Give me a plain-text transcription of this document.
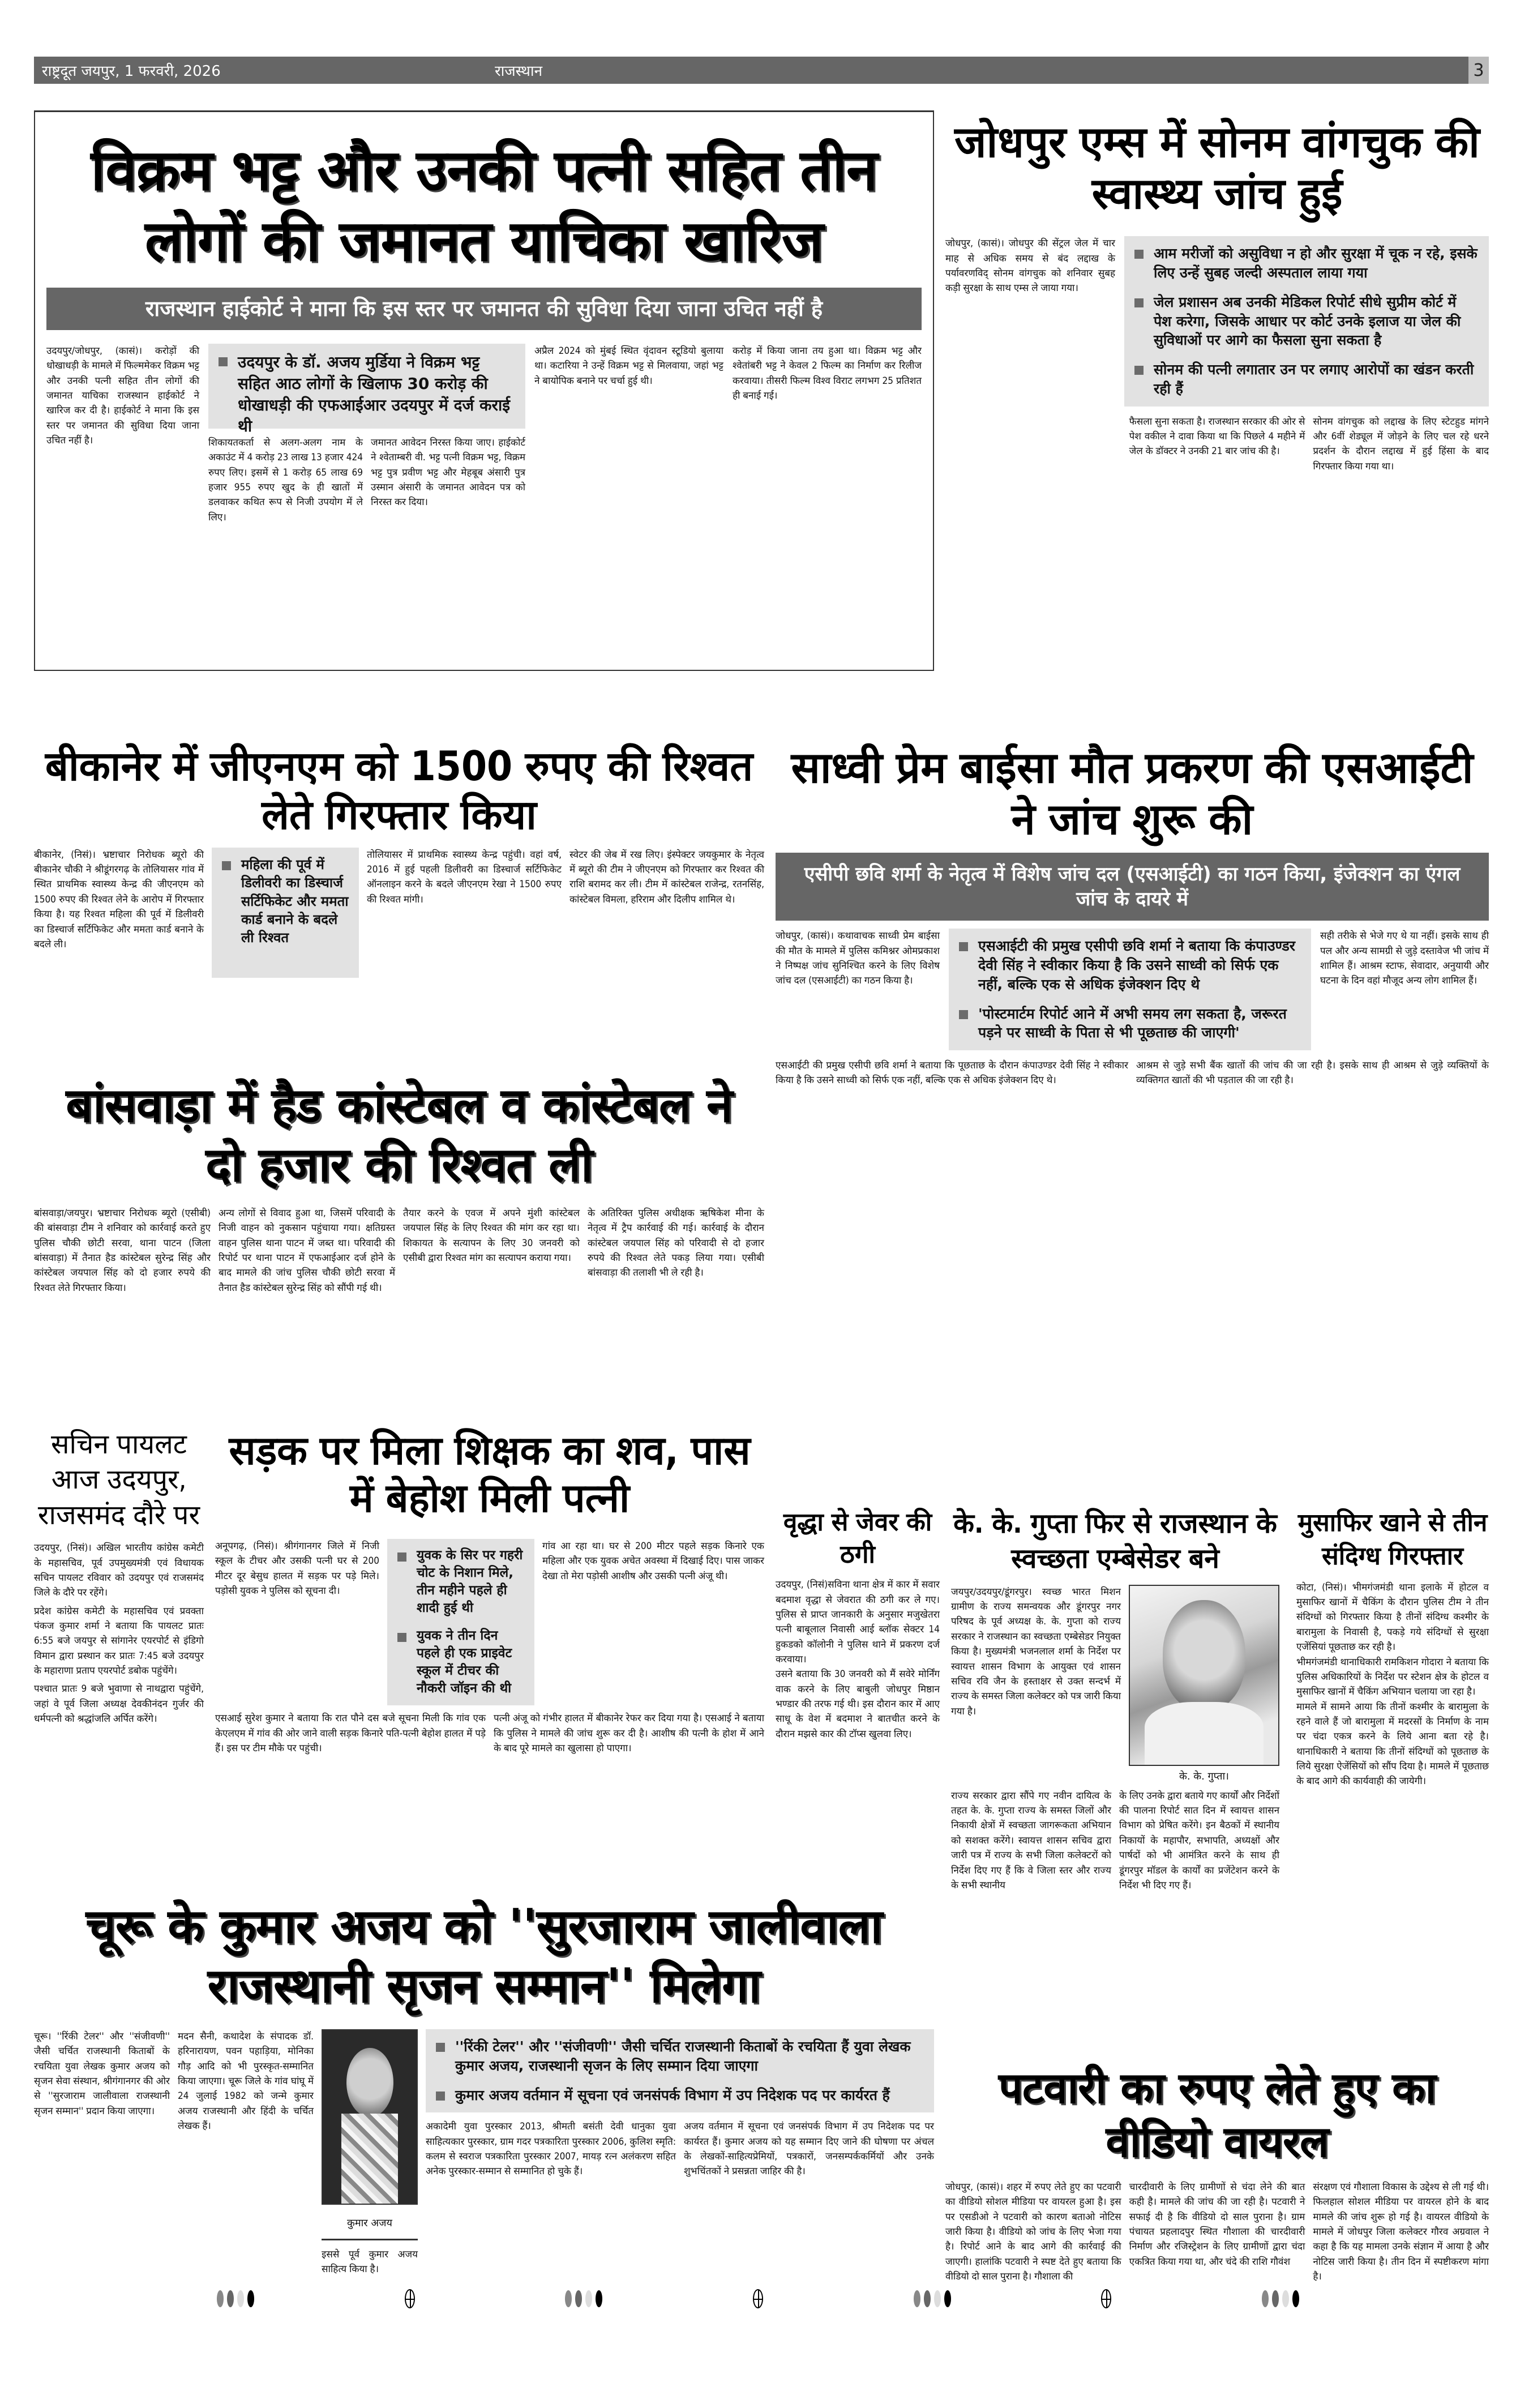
राष्ट्रदूत जयपुर, 1 फरवरी, 2026	राजस्थान	3
विक्रम भट्ट और उनकी पत्नी सहित तीन लोगों की जमानत याचिका खारिज
राजस्थान हाईकोर्ट ने माना कि इस स्तर पर जमानत की सुविधा दिया जाना उचित नहीं है
उदयपुर/जोधपुर, (कासं)। करोड़ों की धोखाधड़ी के मामले में फिल्ममेकर विक्रम भट्ट और उनकी पत्नी सहित तीन लोगों की जमानत याचिका राजस्थान हाईकोर्ट ने खारिज कर दी है। हाईकोर्ट ने माना कि इस स्तर पर जमानत की सुविधा दिया जाना उचित नहीं है।
उदयपुर के डॉ. अजय मुर्डिया ने विक्रम भट्ट सहित आठ लोगों के खिलाफ 30 करोड़ की धोखाधड़ी की एफआईआर उदयपुर में दर्ज कराई थी
शिकायतकर्ता से अलग-अलग नाम के अकाउंट में 4 करोड़ 23 लाख 13 हजार 424 रुपए लिए। इसमें से 1 करोड़ 65 लाख 69 हजार 955 रुपए खुद के ही खातों में डलवाकर कथित रूप से निजी उपयोग में ले लिए।
जमानत आवेदन निरस्त किया जाए। हाईकोर्ट ने श्वेताम्बरी वी. भट्ट पत्नी विक्रम भट्ट, विक्रम भट्ट पुत्र प्रवीण भट्ट और मेहबूब अंसारी पुत्र उस्मान अंसारी के जमानत आवेदन पत्र को निरस्त कर दिया।
अप्रैल 2024 को मुंबई स्थित वृंदावन स्टूडियो बुलाया था। कटारिया ने उन्हें विक्रम भट्ट से मिलवाया, जहां भट्ट ने बायोपिक बनाने पर चर्चा हुई थी।
करोड़ में किया जाना तय हुआ था। विक्रम भट्ट और श्वेतांबरी भट्ट ने केवल 2 फिल्म का निर्माण कर रिलीज करवाया। तीसरी फिल्म विश्व विराट लगभग 25 प्रतिशत ही बनाई गई।
जोधपुर एम्स में सोनम वांगचुक की स्वास्थ्य जांच हुई
जोधपुर, (कासं)। जोधपुर की सेंट्रल जेल में चार माह से अधिक समय से बंद लद्दाख के पर्यावरणविद् सोनम वांगचुक को शनिवार सुबह कड़ी सुरक्षा के साथ एम्स ले जाया गया।
आम मरीजों को असुविधा न हो और सुरक्षा में चूक न रहे, इसके लिए उन्हें सुबह जल्दी अस्पताल लाया गया
जेल प्रशासन अब उनकी मेडिकल रिपोर्ट सीधे सुप्रीम कोर्ट में पेश करेगा, जिसके आधार पर कोर्ट उनके इलाज या जेल की सुविधाओं पर आगे का फैसला सुना सकता है
सोनम की पत्नी लगातार उन पर लगाए आरोपों का खंडन करती रही हैं
फैसला सुना सकता है। राजस्थान सरकार की ओर से पेश वकील ने दावा किया था कि पिछले 4 महीने में जेल के डॉक्टर ने उनकी 21 बार जांच की है।
सोनम वांगचुक को लद्दाख के लिए स्टेटहुड मांगने और 6वीं शेड्यूल में जोड़ने के लिए चल रहे धरने प्रदर्शन के दौरान लद्दाख में हुई हिंसा के बाद गिरफ्तार किया गया था।
बीकानेर में जीएनएम को 1500 रुपए की रिश्वत लेते गिरफ्तार किया
बीकानेर, (निसं)। भ्रष्टाचार निरोधक ब्यूरो की बीकानेर चौकी ने श्रीडूंगरगढ़ के तोलियासर गांव में स्थित प्राथमिक स्वास्थ्य केन्द्र की जीएनएम को 1500 रुपए की रिश्वत लेने के आरोप में गिरफ्तार किया है। यह रिश्वत महिला की पूर्व में डिलीवरी का डिस्चार्ज सर्टिफिकेट और ममता कार्ड बनाने के बदले ली।
महिला की पूर्व में डिलीवरी का डिस्चार्ज सर्टिफिकेट और ममता कार्ड बनाने के बदले ली रिश्वत
तोलियासर में प्राथमिक स्वास्थ्य केन्द्र पहुंची। वहां वर्ष, 2016 में हुई पहली डिलीवरी का डिस्चार्ज सर्टिफिकेट ऑनलाइन करने के बदले जीएनएम रेखा ने 1500 रुपए की रिश्वत मांगी।
स्वेटर की जेब में रख लिए। इंस्पेक्टर जयकुमार के नेतृत्व में ब्यूरो की टीम ने जीएनएम को गिरफ्तार कर रिश्वत की राशि बरामद कर ली। टीम में कांस्टेबल राजेन्द्र, रतनसिंह, कांस्टेबल विमला, हरिराम और दिलीप शामिल थे।
साध्वी प्रेम बाईसा मौत प्रकरण की एसआईटी ने जांच शुरू की
एसीपी छवि शर्मा के नेतृत्व में विशेष जांच दल (एसआईटी) का गठन किया, इंजेक्शन का एंगल जांच के दायरे में
जोधपुर, (कासं)। कथावाचक साध्वी प्रेम बाईसा की मौत के मामले में पुलिस कमिश्नर ओमप्रकाश ने निष्पक्ष जांच सुनिश्चित करने के लिए विशेष जांच दल (एसआईटी) का गठन किया है।
एसआईटी की प्रमुख एसीपी छवि शर्मा ने बताया कि कंपाउण्डर देवी सिंह ने स्वीकार किया है कि उसने साध्वी को सिर्फ एक नहीं, बल्कि एक से अधिक इंजेक्शन दिए थे
'पोस्टमार्टम रिपोर्ट आने में अभी समय लग सकता है, जरूरत पड़ने पर साध्वी के पिता से भी पूछताछ की जाएगी'
सही तरीके से भेजे गए थे या नहीं। इसके साथ ही पल और अन्य सामग्री से जुड़े दस्तावेज भी जांच में शामिल हैं। आश्रम स्टाफ, सेवादार, अनुयायी और घटना के दिन वहां मौजूद अन्य लोग शामिल हैं।
एसआईटी की प्रमुख एसीपी छवि शर्मा ने बताया कि पूछताछ के दौरान कंपाउण्डर देवी सिंह ने स्वीकार किया है कि उसने साध्वी को सिर्फ एक नहीं, बल्कि एक से अधिक इंजेक्शन दिए थे।
आश्रम से जुड़े सभी बैंक खातों की जांच की जा रही है। इसके साथ ही आश्रम से जुड़े व्यक्तियों के व्यक्तिगत खातों की भी पड़ताल की जा रही है।
बांसवाड़ा में हैड कांस्टेबल व कांस्टेबल ने दो हजार की रिश्वत ली
बांसवाड़ा/जयपुर। भ्रष्टाचार निरोधक ब्यूरो (एसीबी) की बांसवाड़ा टीम ने शनिवार को कार्रवाई करते हुए पुलिस चौकी छोटी सरवा, थाना पाटन (जिला बांसवाड़ा) में तैनात हैड कांस्टेबल सुरेन्द्र सिंह और कांस्टेबल जयपाल सिंह को दो हजार रुपये की रिश्वत लेते गिरफ्तार किया।
अन्य लोगों से विवाद हुआ था, जिसमें परिवादी के निजी वाहन को नुकसान पहुंचाया गया। क्षतिग्रस्त वाहन पुलिस थाना पाटन में जब्त था। परिवादी की रिपोर्ट पर थाना पाटन में एफआईआर दर्ज होने के बाद मामले की जांच पुलिस चौकी छोटी सरवा में तैनात हैड कांस्टेबल सुरेन्द्र सिंह को सौंपी गई थी।
तैयार करने के एवज में अपने मुंशी कांस्टेबल जयपाल सिंह के लिए रिश्वत की मांग कर रहा था। शिकायत के सत्यापन के लिए 30 जनवरी को एसीबी द्वारा रिश्वत मांग का सत्यापन कराया गया।
के अतिरिक्त पुलिस अधीक्षक ऋषिकेश मीना के नेतृत्व में ट्रैप कार्रवाई की गई। कार्रवाई के दौरान कांस्टेबल जयपाल सिंह को परिवादी से दो हजार रुपये की रिश्वत लेते पकड़ लिया गया। एसीबी बांसवाड़ा की तलाशी भी ले रही है।
सचिन पायलट आज उदयपुर, राजसमंद दौरे पर
उदयपुर, (निसं)। अखिल भारतीय कांग्रेस कमेटी के महासचिव, पूर्व उपमुख्यमंत्री एवं विधायक सचिन पायलट रविवार को उदयपुर एवं राजसमंद जिले के दौरे पर रहेंगे।
प्रदेश कांग्रेस कमेटी के महासचिव एवं प्रवक्ता पंकज कुमार शर्मा ने बताया कि पायलट प्रातः 6:55 बजे जयपुर से सांगानेर एयरपोर्ट से इंडिगो विमान द्वारा प्रस्थान कर प्रातः 7:45 बजे उदयपुर के महाराणा प्रताप एयरपोर्ट डबोक पहुंचेंगे।
पश्चात प्रातः 9 बजे भुवाणा से नाथद्वारा पहुंचेंगे, जहां वे पूर्व जिला अध्यक्ष देवकीनंदन गुर्जर की धर्मपत्नी को श्रद्धांजलि अर्पित करेंगे।
सड़क पर मिला शिक्षक का शव, पास में बेहोश मिली पत्नी
अनूपगढ़, (निसं)। श्रीगंगानगर जिले में निजी स्कूल के टीचर और उसकी पत्नी घर से 200 मीटर दूर बेसुध हालत में सड़क पर पड़े मिले। पड़ोसी युवक ने पुलिस को सूचना दी।
युवक के सिर पर गहरी चोट के निशान मिले, तीन महीने पहले ही शादी हुई थी
युवक ने तीन दिन पहले ही एक प्राइवेट स्कूल में टीचर की नौकरी जॉइन की थी
गांव आ रहा था। घर से 200 मीटर पहले सड़क किनारे एक महिला और एक युवक अचेत अवस्था में दिखाई दिए। पास जाकर देखा तो मेरा पड़ोसी आशीष और उसकी पत्नी अंजू थी।
एसआई सुरेश कुमार ने बताया कि रात पौने दस बजे सूचना मिली कि गांव एक केएलएम में गांव की ओर जाने वाली सड़क किनारे पति-पत्नी बेहोश हालत में पड़े हैं। इस पर टीम मौके पर पहुंची।
पत्नी अंजू को गंभीर हालत में बीकानेर रेफर कर दिया गया है। एसआई ने बताया कि पुलिस ने मामले की जांच शुरू कर दी है। आशीष की पत्नी के होश में आने के बाद पूरे मामले का खुलासा हो पाएगा।
वृद्धा से जेवर की ठगी
उदयपुर, (निसं)सविना थाना क्षेत्र में कार में सवार बदमाश वृद्धा से जेवरात की ठगी कर ले गए। पुलिस से प्राप्त जानकारी के अनुसार मजुखेतरा पत्नी बाबूलाल निवासी आई ब्लॉक सेक्टर 14 हुकडको कॉलोनी ने पुलिस थाने में प्रकरण दर्ज करवाया।
उसने बताया कि 30 जनवरी को मैं सवेरे मोर्निंग वाक करने के लिए बाबुली जोधपुर मिष्ठान भण्डार की तरफ गई थी। इस दौरान कार में आए साधू के वेश में बदमाश ने बातचीत करने के दौरान मझसे कार की टॉप्स खुलवा लिए।
के. के. गुप्ता फिर से राजस्थान के स्वच्छता एम्बेसेडर बने
जयपुर/उदयपुर/डूंगरपुर। स्वच्छ भारत मिशन ग्रामीण के राज्य समन्वयक और डूंगरपुर नगर परिषद के पूर्व अध्यक्ष के. के. गुप्ता को राज्य सरकार ने राजस्थान का स्वच्छता एम्बेसेडर नियुक्त किया है। मुख्यमंत्री भजनलाल शर्मा के निर्देश पर स्वायत्त शासन विभाग के आयुक्त एवं शासन सचिव रवि जैन के हस्ताक्षर से उक्त सन्दर्भ में राज्य के समस्त जिला कलेक्टर को पत्र जारी किया गया है।
के. के. गुप्ता।
राज्य सरकार द्वारा सौंपे गए नवीन दायित्व के तहत के. के. गुप्ता राज्य के समस्त जिलों और निकायी क्षेत्रों में स्वच्छता जागरूकता अभियान को सशक्त करेंगे। स्वायत्त शासन सचिव द्वारा जारी पत्र में राज्य के सभी जिला कलेक्टरों को निर्देश दिए गए हैं कि वे जिला स्तर और राज्य के सभी स्थानीय
के लिए उनके द्वारा बताये गए कार्यों और निर्देशों की पालना रिपोर्ट सात दिन में स्वायत्त शासन विभाग को प्रेषित करेंगे। इन बैठकों में स्थानीय निकायों के महापौर, सभापति, अध्यक्षों और पार्षदों को भी आमंत्रित करने के साथ ही डूंगरपुर मॉडल के कार्यों का प्रजेंटेशन करने के निर्देश भी दिए गए हैं।
मुसाफिर खाने से तीन संदिग्ध गिरफ्तार
कोटा, (निसं)। भीमगंजमंडी थाना इलाके में होटल व मुसाफिर खानों में चैकिंग के दौरान पुलिस टीम ने तीन संदिग्धों को गिरफ्तार किया है तीनों संदिग्ध कश्मीर के बारामुला के निवासी है, पकड़े गये संदिग्धों से सुरक्षा एजेंसियां पूछताछ कर रही है।
भीमगंजमंडी थानाधिकारी रामकिशन गोदारा ने बताया कि पुलिस अधिकारियों के निर्देश पर स्टेशन क्षेत्र के होटल व मुसाफिर खानों में चैकिंग अभियान चलाया जा रहा है।
मामले में सामने आया कि तीनों कश्मीर के बारामुला के रहने वाले हैं जो बारामुला में मदरसों के निर्माण के नाम पर चंदा एकत्र करने के लिये आना बता रहे है। थानाधिकारी ने बताया कि तीनों संदिग्धों को पूछताछ के लिये सुरक्षा ऐजेंसियों को सौंप दिया है। मामले में पूछताछ के बाद आगे की कार्यवाही की जायेगी।
चूरू के कुमार अजय को ''सुरजाराम जालीवाला राजस्थानी सृजन सम्मान'' मिलेगा
चूरू। ''रिंकी टेलर'' और ''संजीवणी'' जैसी चर्चित राजस्थानी किताबों के रचयिता युवा लेखक कुमार अजय को सृजन सेवा संस्थान, श्रीगंगानगर की ओर से ''सुरजाराम जालीवाला राजस्थानी सृजन सम्मान'' प्रदान किया जाएगा।
मदन सैनी, कथादेश के संपादक डॉ. हरिनारायण, पवन पहाड़िया, मोनिका गौड़ आदि को भी पुरस्कृत-सम्मानित किया जाएगा। चूरू जिले के गांव घांघू में 24 जुलाई 1982 को जन्मे कुमार अजय राजस्थानी और हिंदी के चर्चित लेखक हैं।
कुमार अजय
इससे पूर्व कुमार अजय साहित्य किया है।
''रिंकी टेलर'' और ''संजीवणी'' जैसी चर्चित राजस्थानी किताबों के रचयिता हैं युवा लेखक कुमार अजय, राजस्थानी सृजन के लिए सम्मान दिया जाएगा
कुमार अजय वर्तमान में सूचना एवं जनसंपर्क विभाग में उप निदेशक पद पर कार्यरत हैं
अकादेमी युवा पुरस्कार 2013, श्रीमती बसंती देवी धानुका युवा साहित्यकार पुरस्कार, ग्राम गदर पत्रकारिता पुरस्कार 2006, कुलिश स्मृति: कलम से स्वराज पत्रकारिता पुरस्कार 2007, मायड़ रत्न अलंकरण सहित अनेक पुरस्कार-सम्मान से सम्मानित हो चुके हैं।
अजय वर्तमान में सूचना एवं जनसंपर्क विभाग में उप निदेशक पद पर कार्यरत हैं। कुमार अजय को यह सम्मान दिए जाने की घोषणा पर अंचल के लेखकों-साहित्यप्रेमियों, पत्रकारों, जनसम्पर्ककर्मियों और उनके शुभचिंतकों ने प्रसन्नता जाहिर की है।
पटवारी का रुपए लेते हुए का वीडियो वायरल
जोधपुर, (कासं)। शहर में रुपए लेते हुए का पटवारी का वीडियो सोशल मीडिया पर वायरल हुआ है। इस पर एसडीओ ने पटवारी को कारण बताओ नोटिस जारी किया है। वीडियो को जांच के लिए भेजा गया है। रिपोर्ट आने के बाद आगे की कार्रवाई की जाएगी। हालांकि पटवारी ने स्पष्ट देते हुए बताया कि वीडियो दो साल पुराना है। गौशाला की
चारदीवारी के लिए ग्रामीणों से चंदा लेने की बात कही है। मामले की जांच की जा रही है। पटवारी ने सफाई दी है कि वीडियो दो साल पुराना है। ग्राम पंचायत प्रहलादपुर स्थित गौशाला की चारदीवारी निर्माण और रजिस्ट्रेशन के लिए ग्रामीणों द्वारा चंदा एकत्रित किया गया था, और चंदे की राशि गौवंश
संरक्षण एवं गौशाला विकास के उद्देश्य से ली गई थी। फिलहाल सोशल मीडिया पर वायरल होने के बाद मामले की जांच शुरू हो गई है। वायरल वीडियो के मामले में जोधपुर जिला कलेक्टर गौरव अग्रवाल ने कहा है कि यह मामला उनके संज्ञान में आया है और नोटिस जारी किया है। तीन दिन में स्पष्टीकरण मांगा है।
